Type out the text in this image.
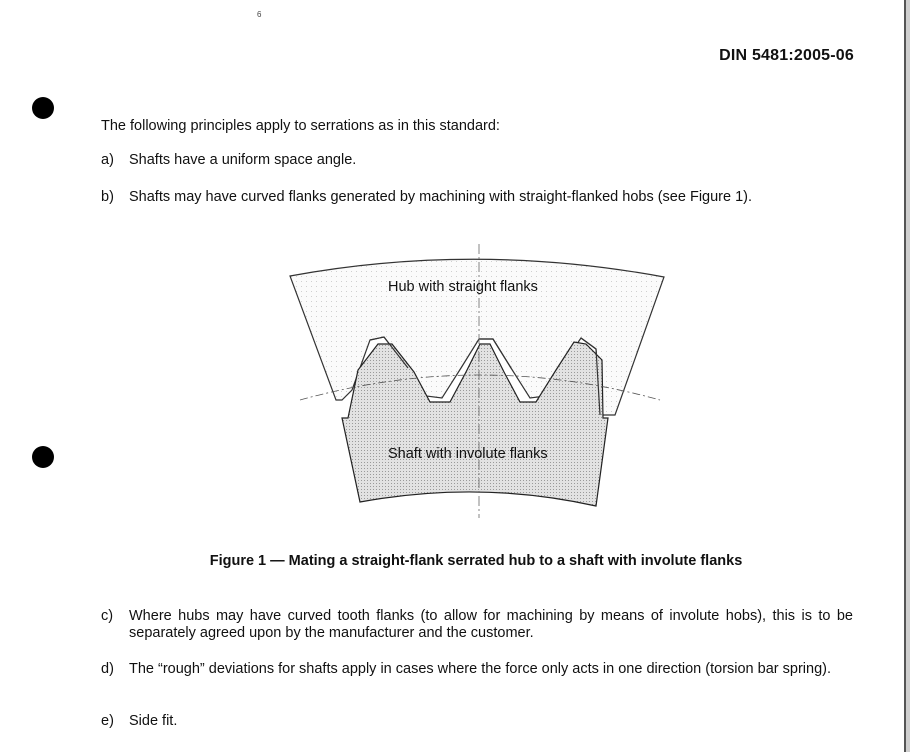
6
DIN 5481:2005-06
The following principles apply to serrations as in this standard:
a)	Shafts have a uniform space angle.
b)	Shafts may have curved flanks generated by machining with straight-flanked hobs (see Figure 1).
Hub with straight flanks
Shaft with involute flanks
Figure 1 — Mating a straight-flank serrated hub to a shaft with involute flanks
c)	Where hubs may have curved tooth flanks (to allow for machining by means of involute hobs), this is to be separately agreed upon by the manufacturer and the customer.
d)	The “rough” deviations for shafts apply in cases where the force only acts in one direction (torsion bar spring).
e)	Side fit.
